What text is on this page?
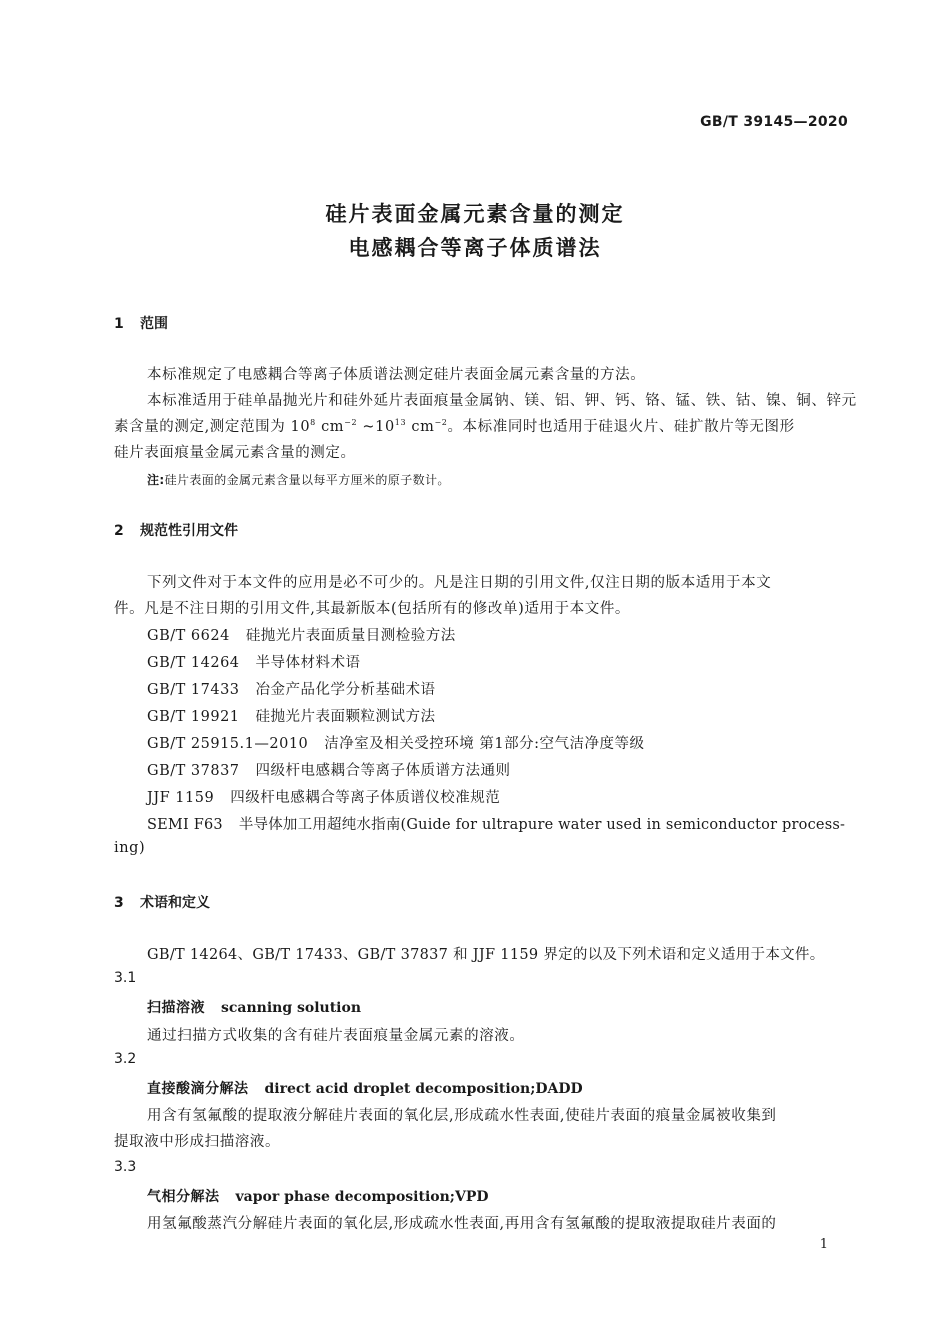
GB/T 39145—2020
硅片表面金属元素含量的测定
电感耦合等离子体质谱法
1 范围
本标准规定了电感耦合等离子体质谱法测定硅片表面金属元素含量的方法。
本标准适用于硅单晶抛光片和硅外延片表面痕量金属钠、镁、铝、钾、钙、铬、锰、铁、钴、镍、铜、锌元
素含量的测定,测定范围为 $10^8$ $cm^{-2}$ $\sim 10^{13}$ $cm^{-2}$。本标准同时也适用于硅退火片、硅扩散片等无图形
硅片表面痕量金属元素含量的测定。
注:硅片表面的金属元素含量以每平方厘米的原子数计。
2 规范性引用文件
下列文件对于本文件的应用是必不可少的。凡是注日期的引用文件,仅注日期的版本适用于本文
件。凡是不注日期的引用文件,其最新版本(包括所有的修改单)适用于本文件。
GB/T 6624 硅抛光片表面质量目测检验方法
GB/T 14264 半导体材料术语
GB/T 17433 冶金产品化学分析基础术语
GB/T 19921 硅抛光片表面颗粒测试方法
GB/T 25915.1—2010 洁净室及相关受控环境 第1部分:空气洁净度等级
GB/T 37837 四级杆电感耦合等离子体质谱方法通则
JJF 1159 四级杆电感耦合等离子体质谱仪校准规范
SEMI F63 半导体加工用超纯水指南(Guide for ultrapure water used in semiconductor process-
ing)
3 术语和定义
GB/T 14264、GB/T 17433、GB/T 37837 和 JJF 1159 界定的以及下列术语和定义适用于本文件。
3.1
扫描溶液 scanning solution
通过扫描方式收集的含有硅片表面痕量金属元素的溶液。
3.2
直接酸滴分解法 direct acid droplet decomposition;DADD
用含有氢氟酸的提取液分解硅片表面的氧化层,形成疏水性表面,使硅片表面的痕量金属被收集到
提取液中形成扫描溶液。
3.3
气相分解法 vapor phase decomposition;VPD
用氢氟酸蒸汽分解硅片表面的氧化层,形成疏水性表面,再用含有氢氟酸的提取液提取硅片表面的
1
